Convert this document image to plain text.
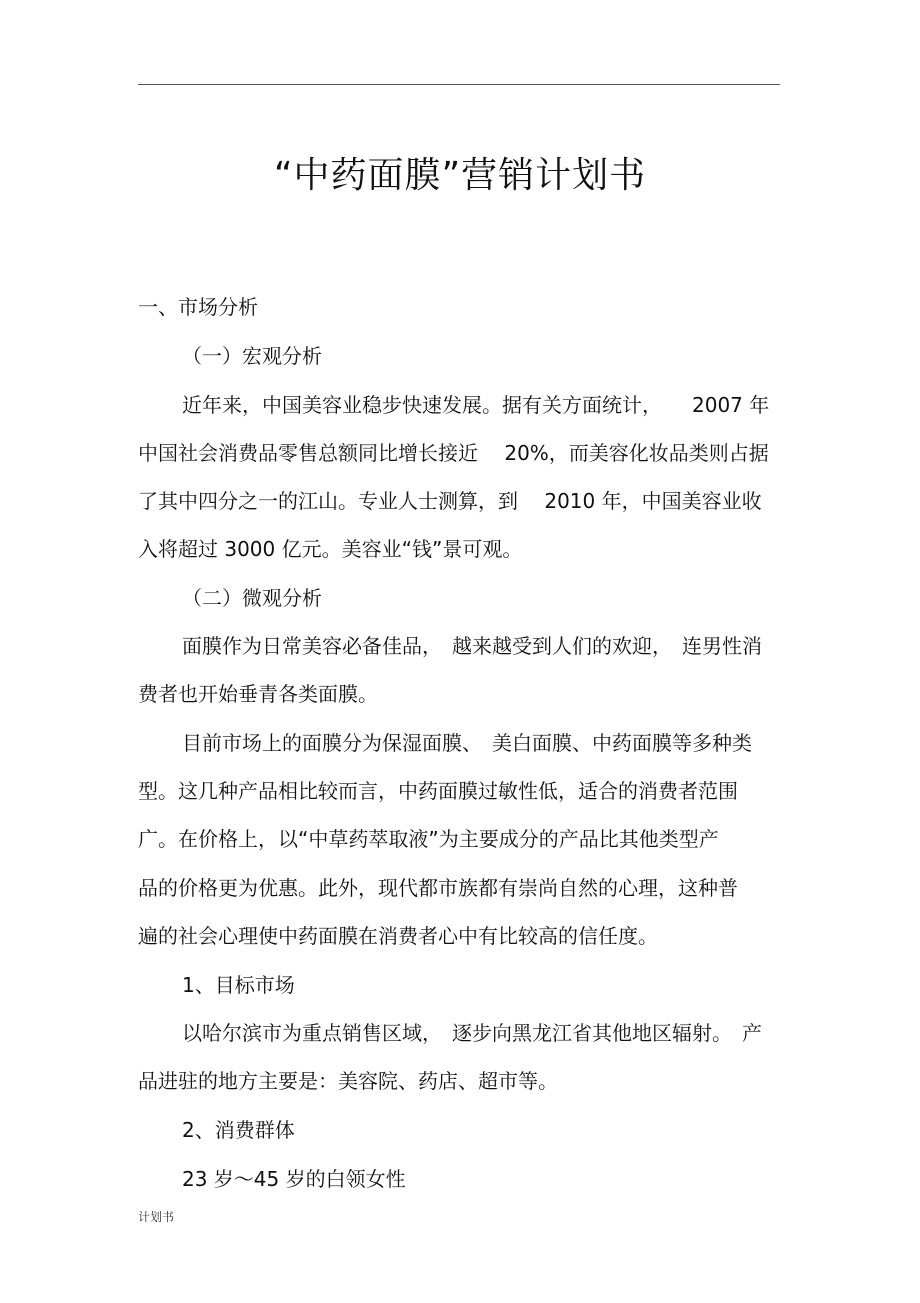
“中药面膜”营销计划书
一、市场分析
（一）宏观分析
近年来，中国美容业稳步快速发展。据有关方面统计，　　2007 年
中国社会消费品零售总额同比增长接近　 20%，而美容化妆品类则占据
了其中四分之一的江山。专业人士测算，到　 2010 年，中国美容业收
入将超过 3000 亿元。美容业“钱”景可观。
（二）微观分析
面膜作为日常美容必备佳品，　越来越受到人们的欢迎，　连男性消
费者也开始垂青各类面膜。
目前市场上的面膜分为保湿面膜、　美白面膜、中药面膜等多种类
型。这几种产品相比较而言，中药面膜过敏性低，适合的消费者范围
广。在价格上，以“中草药萃取液”为主要成分的产品比其他类型产
品的价格更为优惠。此外，现代都市族都有崇尚自然的心理，这种普
遍的社会心理使中药面膜在消费者心中有比较高的信任度。
1、目标市场
以哈尔滨市为重点销售区域，　逐步向黑龙江省其他地区辐射。　产
品进驻的地方主要是：美容院、药店、超市等。
2、消费群体
23 岁～45 岁的白领女性
计划书
